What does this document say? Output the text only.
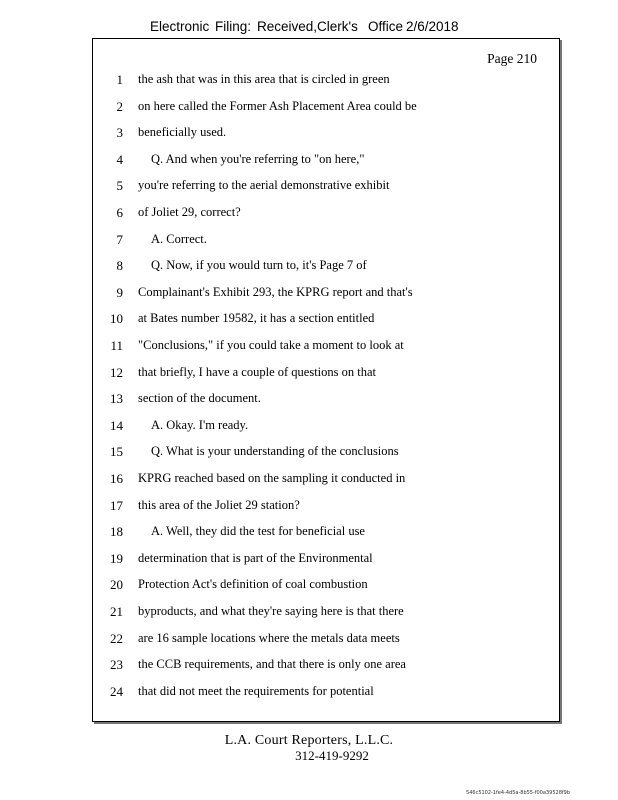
Electronic Filing: Received,Clerk's Office 2/6/2018
Page 210
1 the ash that was in this area that is circled in green
2 on here called the Former Ash Placement Area could be
3 beneficially used.
4 Q. And when you're referring to "on here,"
5 you're referring to the aerial demonstrative exhibit
6 of Joliet 29, correct?
7 A. Correct.
8 Q. Now, if you would turn to, it's Page 7 of
9 Complainant's Exhibit 293, the KPRG report and that's
10 at Bates number 19582, it has a section entitled
11 "Conclusions," if you could take a moment to look at
12 that briefly, I have a couple of questions on that
13 section of the document.
14 A. Okay. I'm ready.
15 Q. What is your understanding of the conclusions
16 KPRG reached based on the sampling it conducted in
17 this area of the Joliet 29 station?
18 A. Well, they did the test for beneficial use
19 determination that is part of the Environmental
20 Protection Act's definition of coal combustion
21 byproducts, and what they're saying here is that there
22 are 16 sample locations where the metals data meets
23 the CCB requirements, and that there is only one area
24 that did not meet the requirements for potential
L.A. Court Reporters, L.L.C.
312-419-9292
546c5102-1fe4-4d5a-8b55-f00a39528f9b
